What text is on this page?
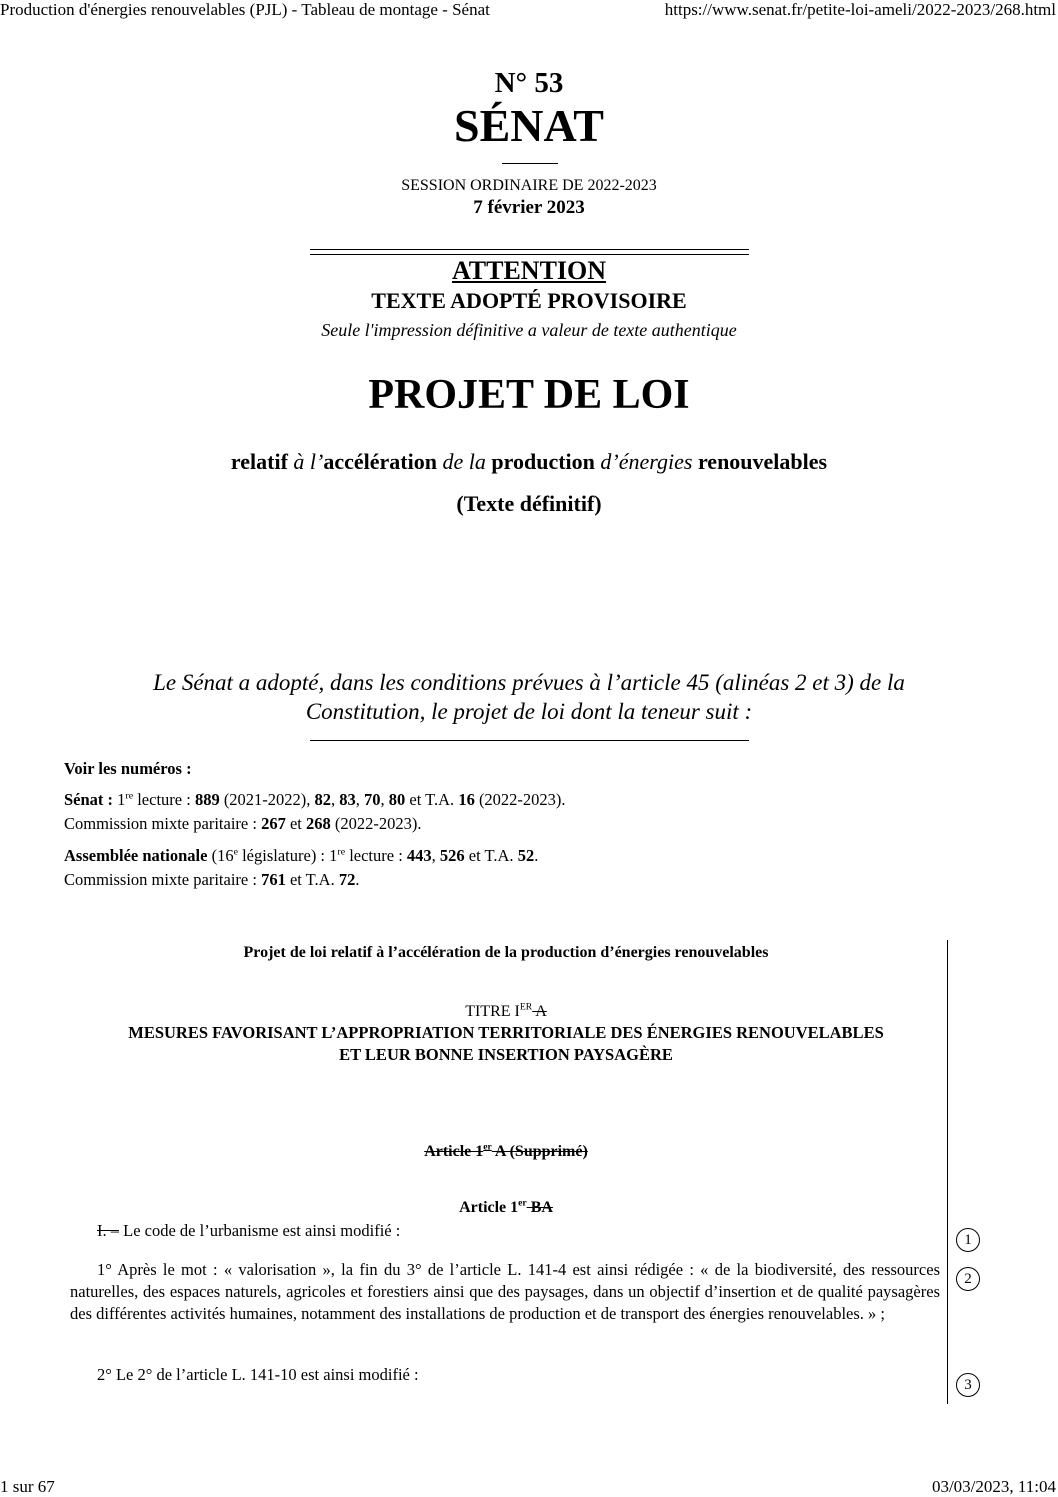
Production d'énergies renouvelables (PJL) - Tableau de montage - Sénat	https://www.senat.fr/petite-loi-ameli/2022-2023/268.html
1 sur 67	03/03/2023, 11:04
N° 53
SÉNAT
SESSION ORDINAIRE DE 2022-2023
7 février 2023
ATTENTION
TEXTE ADOPTÉ PROVISOIRE
Seule l'impression définitive a valeur de texte authentique
PROJET DE LOI
relatif à l’accélération de la production d’énergies renouvelables
(Texte définitif)
Le Sénat a adopté, dans les conditions prévues à l’article 45 (alinéas 2 et 3) de la
Constitution, le projet de loi dont la teneur suit :
Voir les numéros :
Sénat : 1re lecture : 889 (2021-2022), 82, 83, 70, 80 et T.A. 16 (2022-2023).
Commission mixte paritaire : 267 et 268 (2022-2023).
Assemblée nationale (16e législature) : 1re lecture : 443, 526 et T.A. 52.
Commission mixte paritaire : 761 et T.A. 72.
Projet de loi relatif à l’accélération de la production d’énergies renouvelables
TITRE IER A
MESURES FAVORISANT L’APPROPRIATION TERRITORIALE DES ÉNERGIES RENOUVELABLES
ET LEUR BONNE INSERTION PAYSAGÈRE
Article 1er A (Supprimé)
Article 1er BA
I. – Le code de l’urbanisme est ainsi modifié :
1° Après le mot : « valorisation », la fin du 3° de l’article L. 141-4 est ainsi rédigée : « de la biodiversité, des ressources naturelles, des espaces naturels, agricoles et forestiers ainsi que des paysages, dans un objectif d’insertion et de qualité paysagères des différentes activités humaines, notamment des installations de production et de transport des énergies renouvelables. » ;
2° Le 2° de l’article L. 141-10 est ainsi modifié :
1
2
3
